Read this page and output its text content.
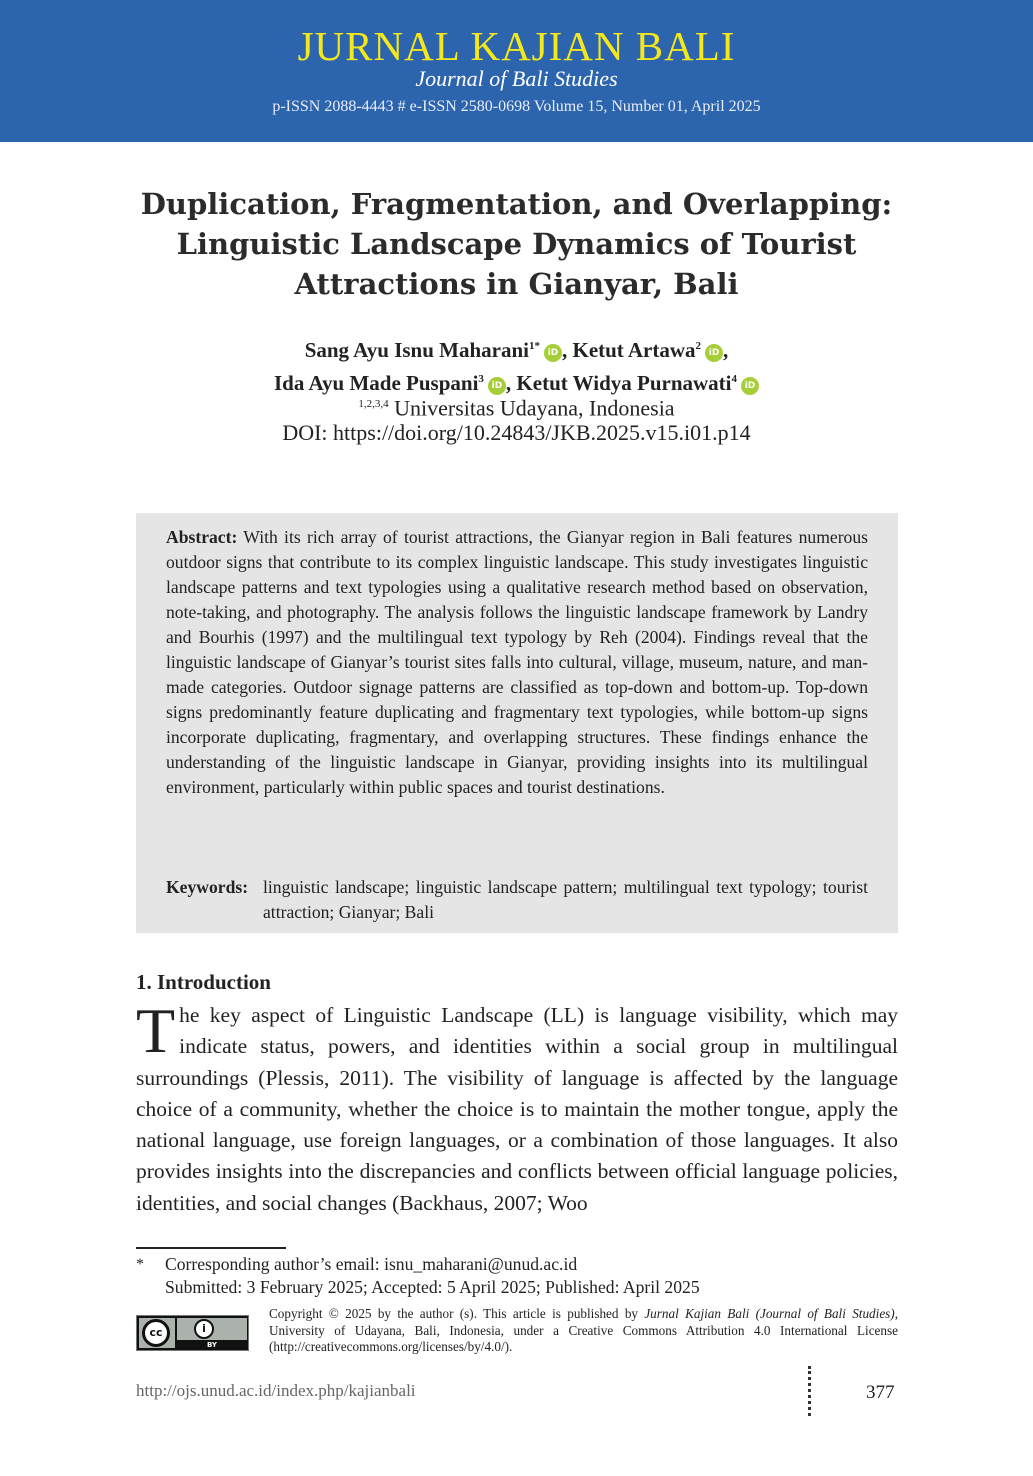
JURNAL KAJIAN BALI
Journal of Bali Studies
p-ISSN 2088-4443 # e-ISSN 2580-0698 Volume 15, Number 01, April 2025
Duplication, Fragmentation, and Overlapping:
Linguistic Landscape Dynamics of Tourist
Attractions in Gianyar, Bali
Sang Ayu Isnu Maharani$^{1*}$iD , Ketut Artawa$^2$iD ,
Ida Ayu Made Puspani$^3$iD , Ketut Widya Purnawati$^4$iD
$^{1,2,3,4}$ Universitas Udayana, Indonesia
DOI: https://doi.org/10.24843/JKB.2025.v15.i01.p14
Abstract: With its rich array of tourist attractions, the Gianyar region in Bali features numerous outdoor signs that contribute to its complex linguistic landscape. This study investigates linguistic landscape patterns and text typologies using a qualitative research method based on observation, note-taking, and photography. The analysis follows the linguistic landscape framework by Landry and Bourhis (1997) and the multilingual text typology by Reh (2004). Findings reveal that the linguistic landscape of Gianyar’s tourist sites falls into cultural, village, museum, nature, and man-made categories. Outdoor signage patterns are classified as top-down and bottom-up. Top-down signs predominantly feature duplicating and fragmentary text typologies, while bottom-up signs incorporate duplicating, fragmentary, and overlapping structures. These findings enhance the understanding of the linguistic landscape in Gianyar, providing insights into its multilingual environment, particularly within public spaces and tourist destinations.
Keywords: linguistic landscape; linguistic landscape pattern; multilingual text typology; tourist attraction; Gianyar; Bali
1. Introduction
The key aspect of Linguistic Landscape (LL) is language visibility, which may indicate status, powers, and identities within a social group in multilingual surroundings (Plessis, 2011). The visibility of language is affected by the language choice of a community, whether the choice is to maintain the mother tongue, apply the national language, use foreign languages, or a combination of those languages. It also provides insights into the discrepancies and conflicts between official language policies, identities, and social changes (Backhaus, 2007; Woo
* Corresponding author’s email: isnu_maharani@unud.ac.id
Submitted: 3 February 2025; Accepted: 5 April 2025; Published: April 2025
cc	i
BY
Copyright © 2025 by the author (s). This article is published by Jurnal Kajian Bali (Journal of Bali Studies), University of Udayana, Bali, Indonesia, under a Creative Commons Attribution 4.0 International License (http://creativecommons.org/licenses/by/4.0/).
http://ojs.unud.ac.id/index.php/kajianbali	377
